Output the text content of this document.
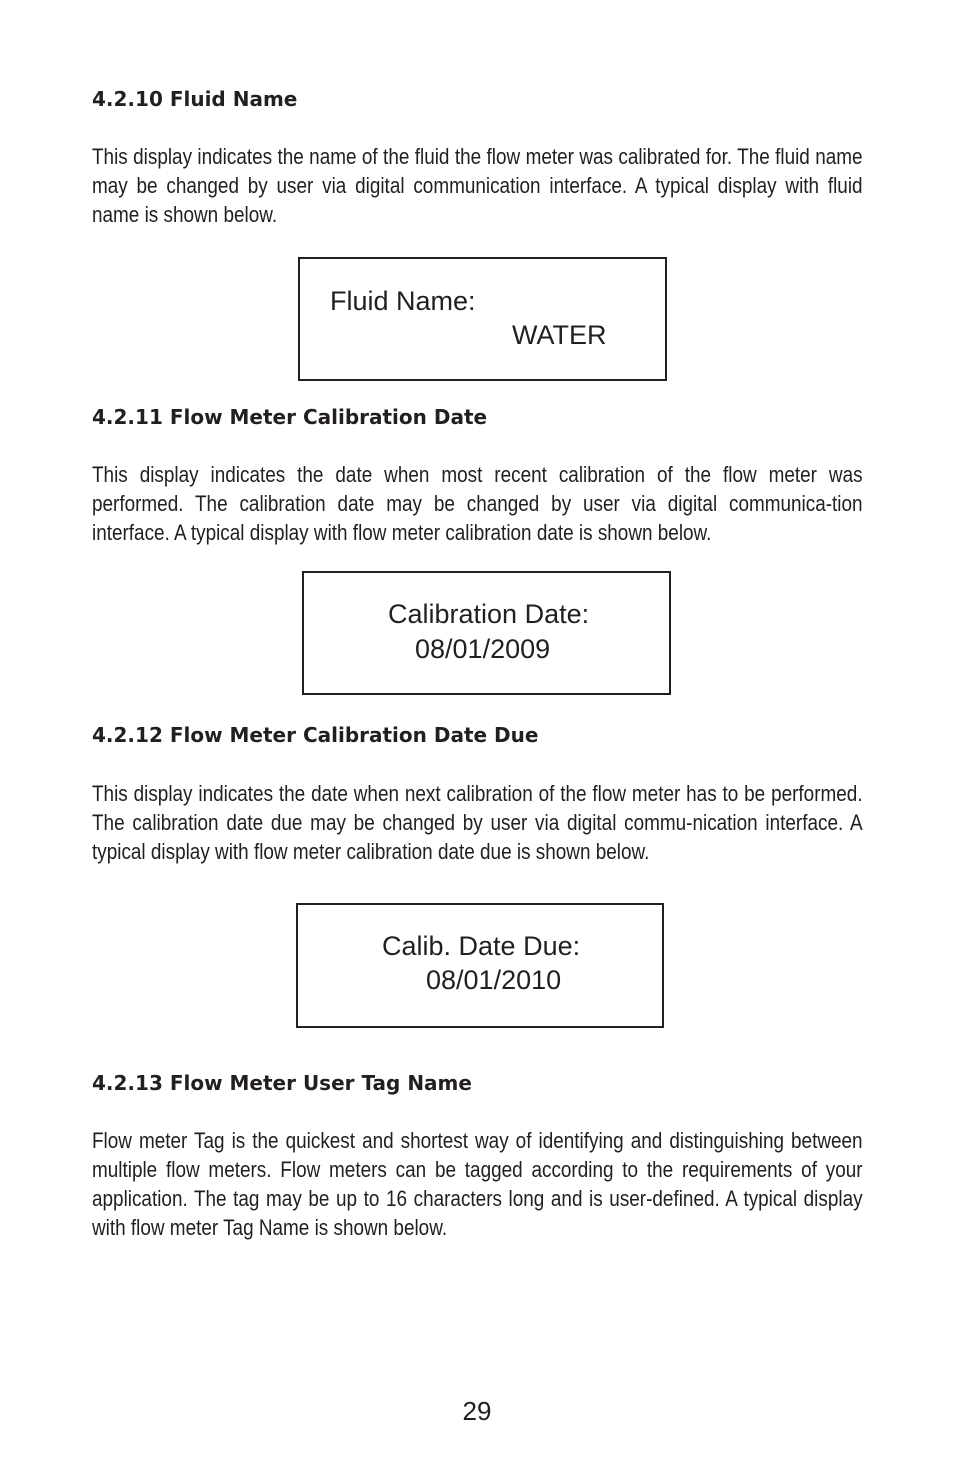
4.2.10 Fluid Name

This display indicates the name of the fluid the flow meter was calibrated for. The fluid name may be changed by user via digital communication interface. A typical display with fluid name is shown below.

Fluid Name:

WATER

4.2.11 Flow Meter Calibration Date

This display indicates the date when most recent calibration of the flow meter was performed. The calibration date may be changed by user via digital communica-tion interface. A typical display with flow meter calibration date is shown below.

Calibration Date:

08/01/2009

4.2.12 Flow Meter Calibration Date Due

This display indicates the date when next calibration of the flow meter has to be performed. The calibration date due may be changed by user via digital commu-nication interface. A typical display with flow meter calibration date due is shown below.

Calib. Date Due:

08/01/2010

4.2.13 Flow Meter User Tag Name

Flow meter Tag is the quickest and shortest way of identifying and distinguishing between multiple flow meters. Flow meters can be tagged according to the requirements of your application. The tag may be up to 16 characters long and is user-defined. A typical display with flow meter Tag Name is shown below.

29
